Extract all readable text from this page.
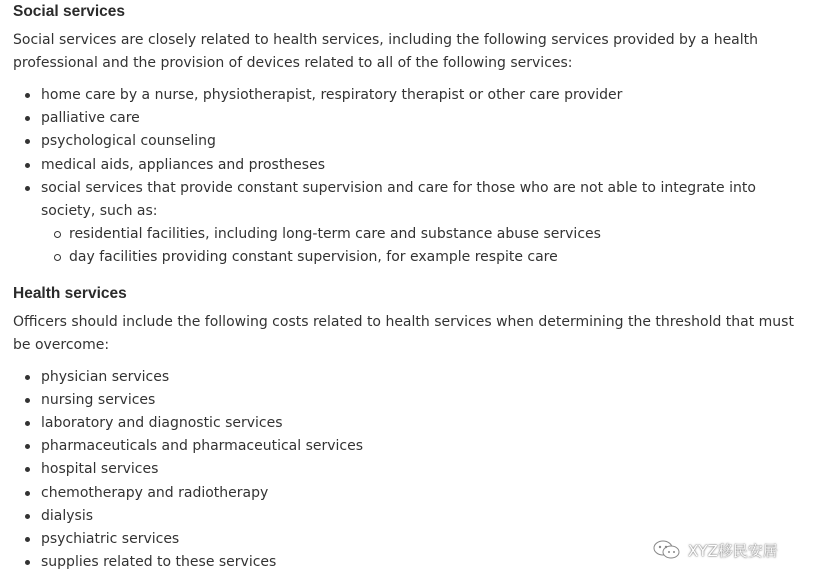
Social services

Social services are closely related to health services, including the following services provided by a health professional and the provision of devices related to all of the following services:

home care by a nurse, physiotherapist, respiratory therapist or other care provider
palliative care
psychological counseling
medical aids, appliances and prostheses
social services that provide constant supervision and care for those who are not able to integrate into society, such as:
residential facilities, including long-term care and substance abuse services
day facilities providing constant supervision, for example respite care
Health services

Officers should include the following costs related to health services when determining the threshold that must be overcome:

physician services
nursing services
laboratory and diagnostic services
pharmaceuticals and pharmaceutical services
hospital services
chemotherapy and radiotherapy
dialysis
psychiatric services
supplies related to these services
XYZ移民安居
